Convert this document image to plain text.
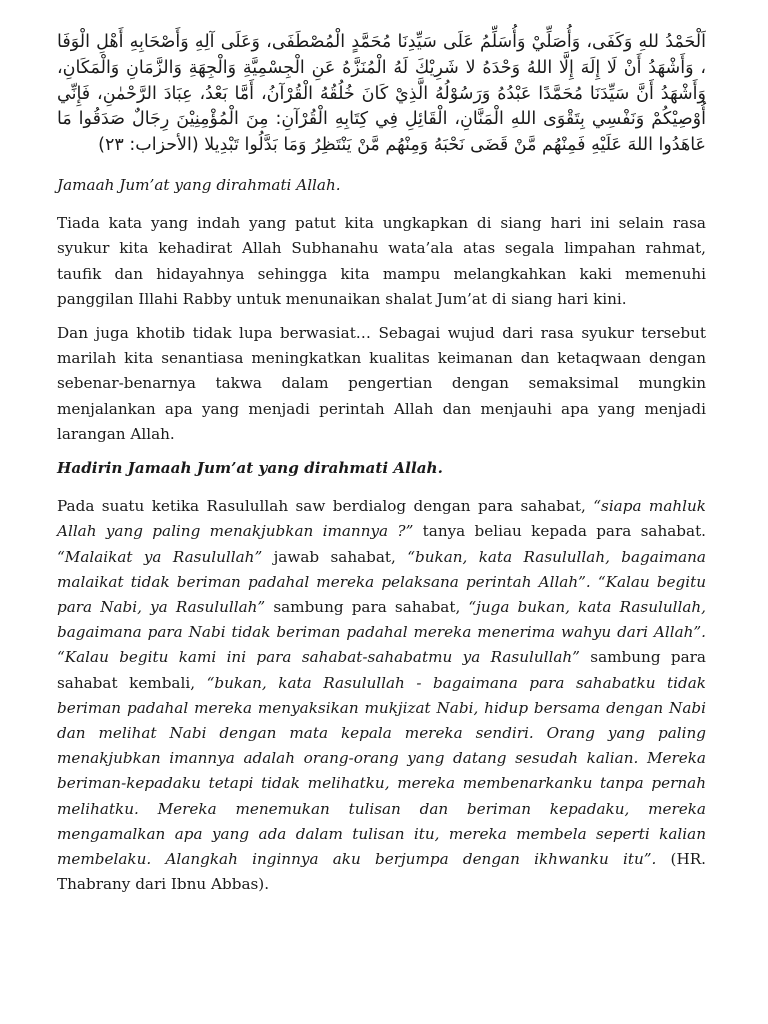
اَلْحَمْدُ للهِ وَكَفَى، وَأُصَلِّيْ وَأُسَلِّمُ عَلَى سَيِّدِنَا مُحَمَّدٍ الْمُصْطَفَى، وَعَلَى آلِهِ وَأَصْحَابِهِ أَهْلِ الْوَفَا ، وَأَشْهَدُ أَنْ لَا إِلَهَ إِلَّا اللهُ وَحْدَهُ لا شَرِيْكَ لَهُ الْمُنَزَّهُ عَنِ الْجِسْمِيَّةِ وَالْجِهَةِ وَالزَّمَانِ وَالْمَكَانِ، وَأَشْهَدُ أَنَّ سَيِّدَنَا مُحَمَّدًا عَبْدُهُ وَرَسُوْلُهُ الَّذِيْ كَانَ خُلُقُهُ الْقُرْآنُ، أَمَّا بَعْدُ، عِبَادَ الرَّحْمٰنِ، فَإِنِّي أُوْصِيْكُمْ وَنَفْسِي بِتَقْوَى اللهِ الْمَنَّانِ، الْقَائِلِ فِي كِتَابِهِ الْقُرْآنِ: مِنَ الْمُؤْمِنِيْنَ رِجَالٌ صَدَقُوا مَا عَاهَدُوا اللهَ عَلَيْهِ فَمِنْهُم مَّنْ قَضَى نَحْبَهُ وَمِنْهُم مَّنْ يَنْتَظِرُ وَمَا بَدَّلُوا تَبْدِيلا (الأحزاب: ٢٣)

Jamaah Jum’at yang dirahmati Allah.

Tiada kata yang indah yang patut kita ungkapkan di siang hari ini selain rasa syukur kita kehadirat Allah Subhanahu wata’ala atas segala limpahan rahmat, taufik dan hidayahnya sehingga kita mampu melangkahkan kaki memenuhi panggilan Illahi Rabby untuk menunaikan shalat Jum’at di siang hari kini.

Dan juga khotib tidak lupa berwasiat… Sebagai wujud dari rasa syukur tersebut marilah kita senantiasa meningkatkan kualitas keimanan dan ketaqwaan dengan sebenar-benarnya takwa dalam pengertian dengan semaksimal mungkin menjalankan apa yang menjadi perintah Allah dan menjauhi apa yang menjadi larangan Allah.

Hadirin Jamaah Jum’at yang dirahmati Allah.

Pada suatu ketika Rasulullah saw berdialog dengan para sahabat, “siapa mahluk Allah yang paling menakjubkan imannya ?” tanya beliau kepada para sahabat. “Malaikat ya Rasulullah” jawab sahabat, “bukan, kata Rasulullah, bagaimana malaikat tidak beriman padahal mereka pelaksana perintah Allah”. “Kalau begitu para Nabi, ya Rasulullah” sambung para sahabat, “juga bukan, kata Rasulullah, bagaimana para Nabi tidak beriman padahal mereka menerima wahyu dari Allah”. “Kalau begitu kami ini para sahabat-sahabatmu ya Rasulullah” sambung para sahabat kembali, “bukan, kata Rasulullah - bagaimana para sahabatku tidak beriman padahal mereka menyaksikan mukjizat Nabi, hidup bersama dengan Nabi dan melihat Nabi dengan mata kepala mereka sendiri. Orang yang paling menakjubkan imannya adalah orang-orang yang datang sesudah kalian. Mereka beriman-kepadaku tetapi tidak melihatku, mereka membenarkanku tanpa pernah melihatku. Mereka menemukan tulisan dan beriman kepadaku, mereka mengamalkan apa yang ada dalam tulisan itu, mereka membela seperti kalian membelaku. Alangkah inginnya aku berjumpa dengan ikhwanku itu”. (HR. Thabrany dari Ibnu Abbas).
